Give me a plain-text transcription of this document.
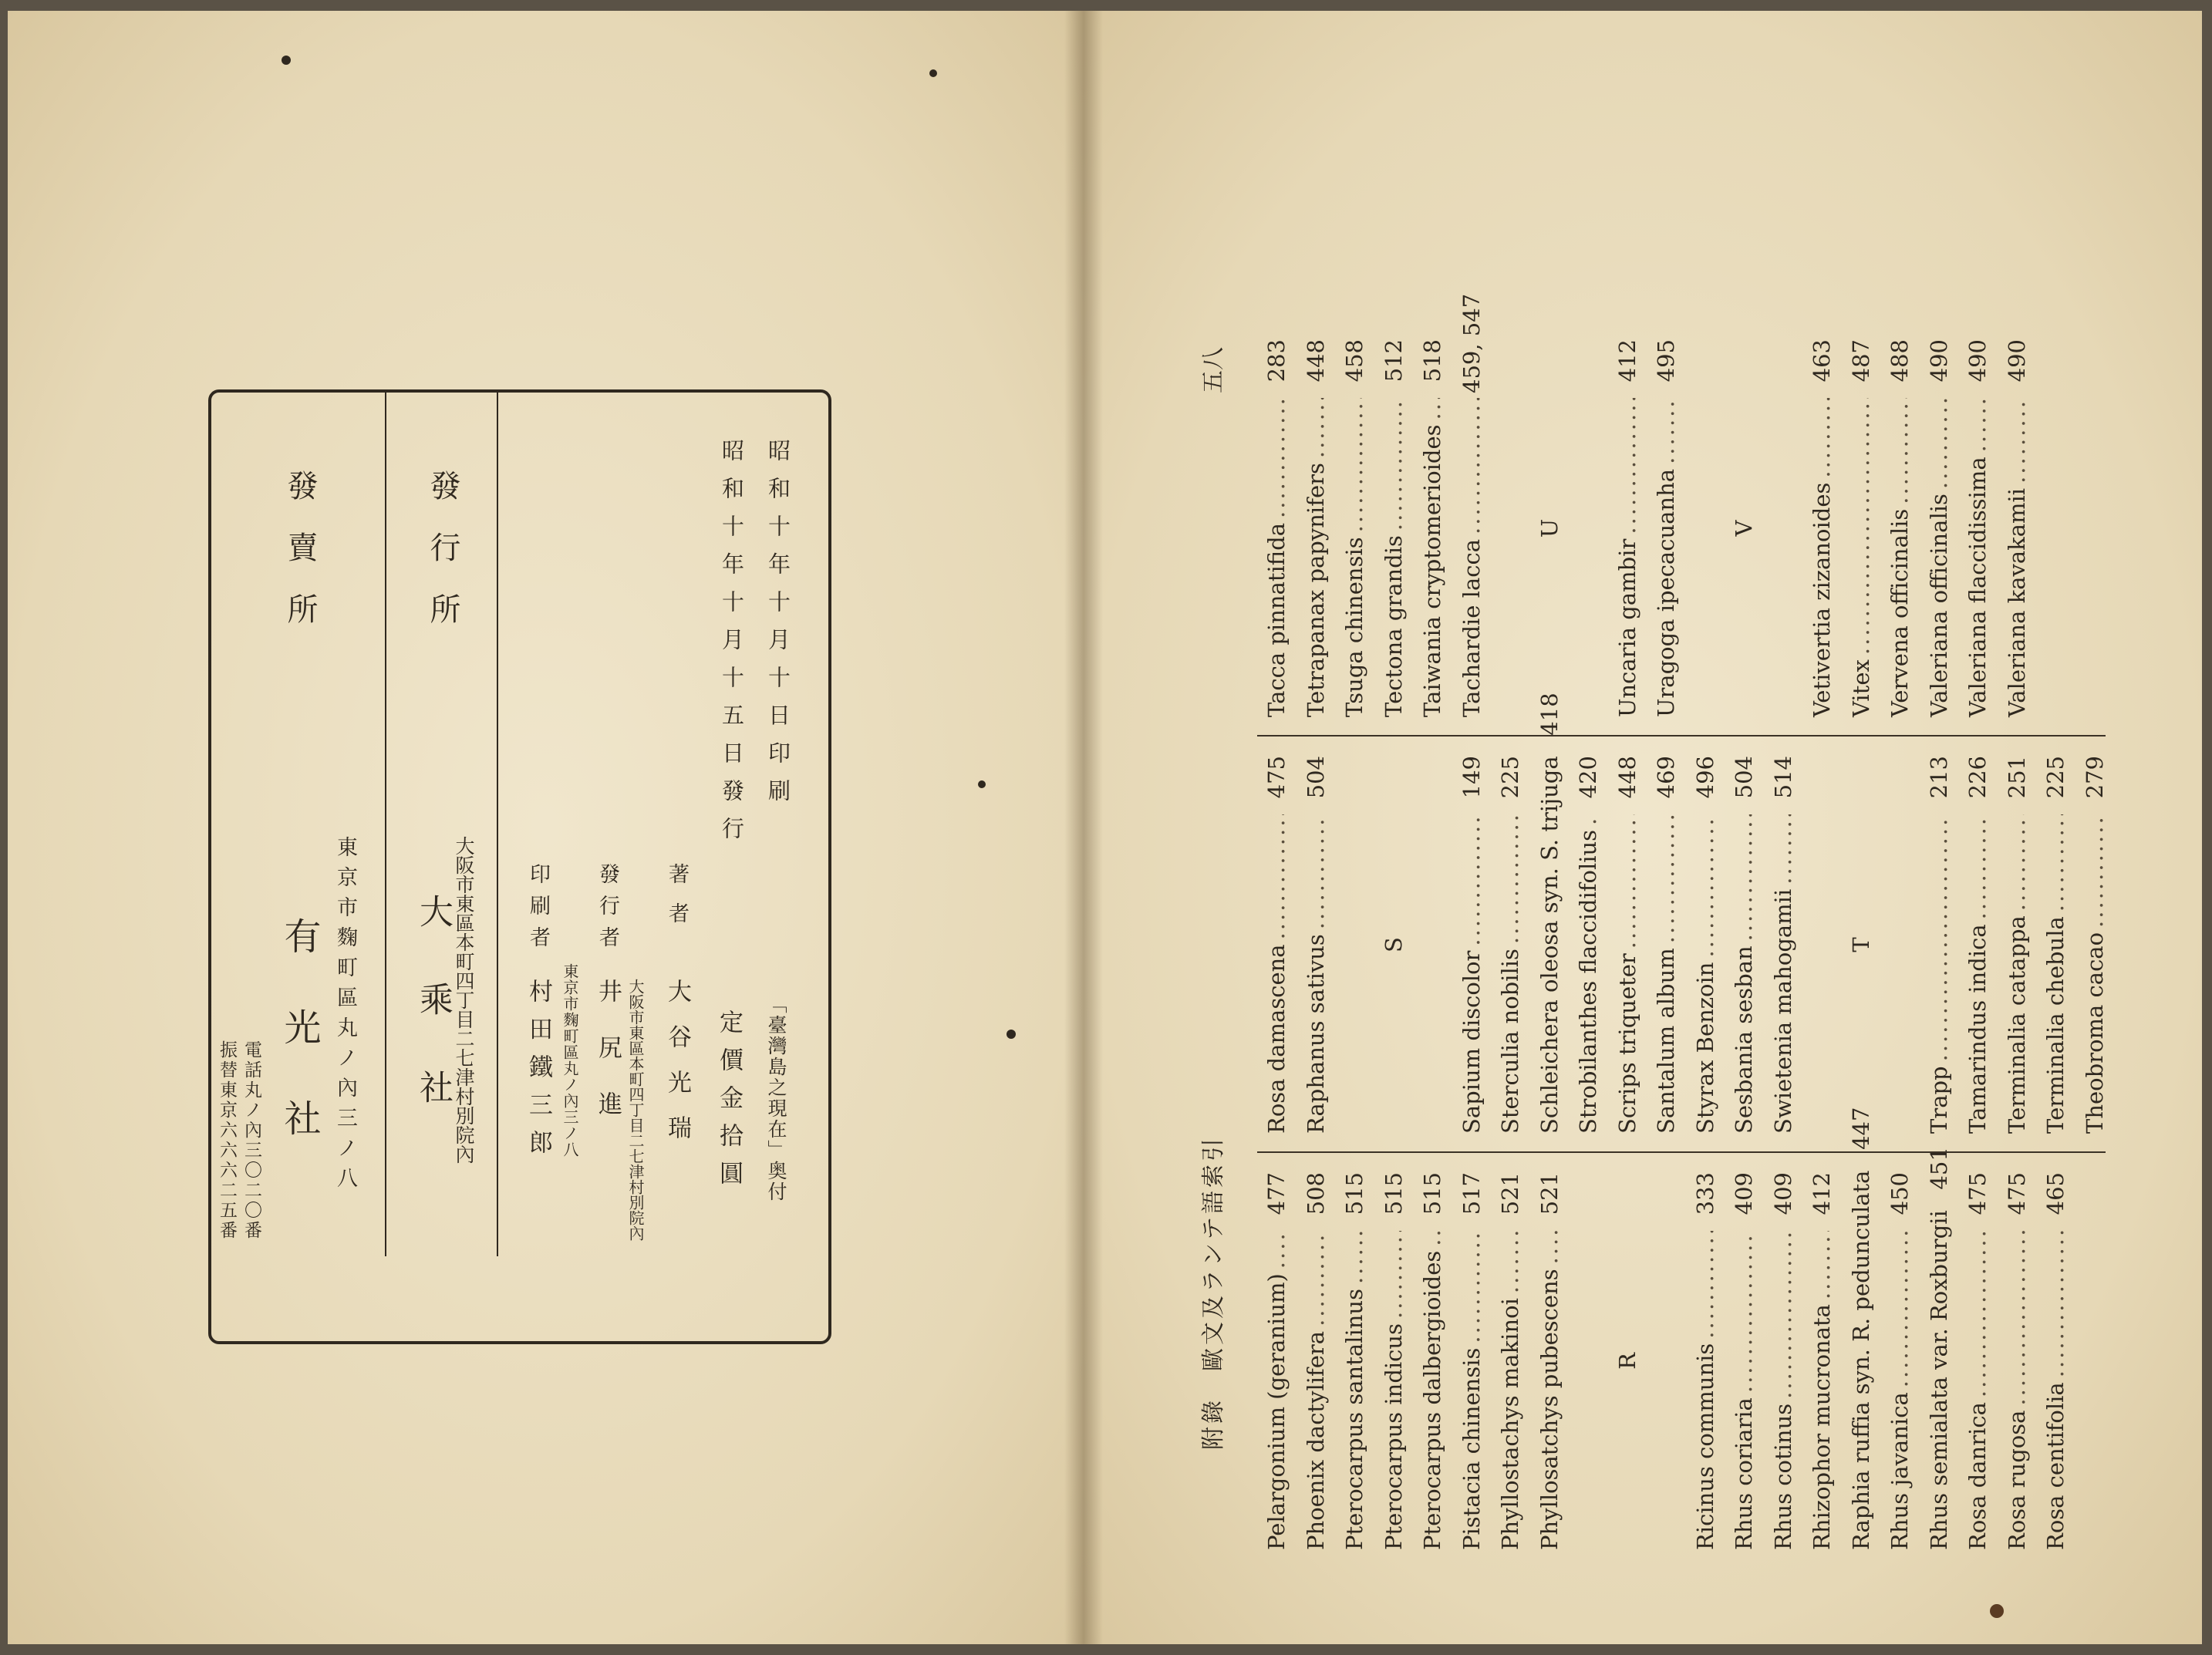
昭和十年十月十日印刷
昭和十年十月十五日發行
「臺灣島之現在」奥付
定價金拾圓
著者
大谷光瑞
大阪市東區本町四丁目二七津村別院內
發行者
井尻進
東京市麴町區丸ノ內三ノ八
印刷者
村田鐵三郎
發行所
大阪市東區本町四丁目二七津村別院內
大乘社
發賣所
東京市麴町區丸ノ內三ノ八
有光社
電話丸ノ內三〇二〇番
振替東京六六六二五番	附錄　歐文及ランテ語索引
五八
Pelargonium (geranium)
.....
477
Phoenix dactylifera
.....
508
Pterocarpus santalinus
.....
515
Pterocarpus indicus
.....
515
Pterocarpus dalbergioides
.....
515
Pistacia chinensis
.....
517
Phyllostachys makinoi
.....
521
Phyllosatchys pubescens
.....
521
R Ricinus communis
.....
333
Rhus coriaria
.....
409
Rhus cotinus
.....
409
Rhizophor mucronata
.....
412 Raphia ruffia syn. R. pedunculata
447
Rhus javanica
.....
450
Rhus semialata var. Roxburgii
451
Rosa danrica
.....
475
Rosa rugosa
.....
475
Rosa centifolia
.....
465
Rosa damascena
.....
475
Raphanus sativus
.....
504
S
Sapium discolor
.....
149
Sterculia nobilis
.....
225 Schleichera oleosa syn. S. trijuga
418
Strobilanthes flaccidifolius
.....
420
Scrips triqueter
.....
448
Santalum album
.....
469
Styrax Benzoin
.....
496
Sesbania sesban
.....
504
Swietenia mahogamii
.....
514
T
Trapp
.....
213
Tamarindus indica
.....
226
Terminalia catappa
.....
251
Terminalia chebula
.....
225
Theobroma cacao
.....
279
Tacca pinnatifida
.....
283
Tetrapanax papynifers
.....
448
Tsuga chinensis
.....
458
Tectona grandis
.....
512
Taiwania cryptomerioides
.....
518
Tachardie lacca
.....
459, 547
U
Uncaria gambir
.....
412
Uragoga ipecacuanha
.....
495
V Vetivertia zizanoides
.....
463
Vitex
.....
487
Vervena officinalis
.....
488
Valeriana officinalis
.....
490
Valeriana flaccidissima
.....
490
Valeriana kavakamii
.....
490
